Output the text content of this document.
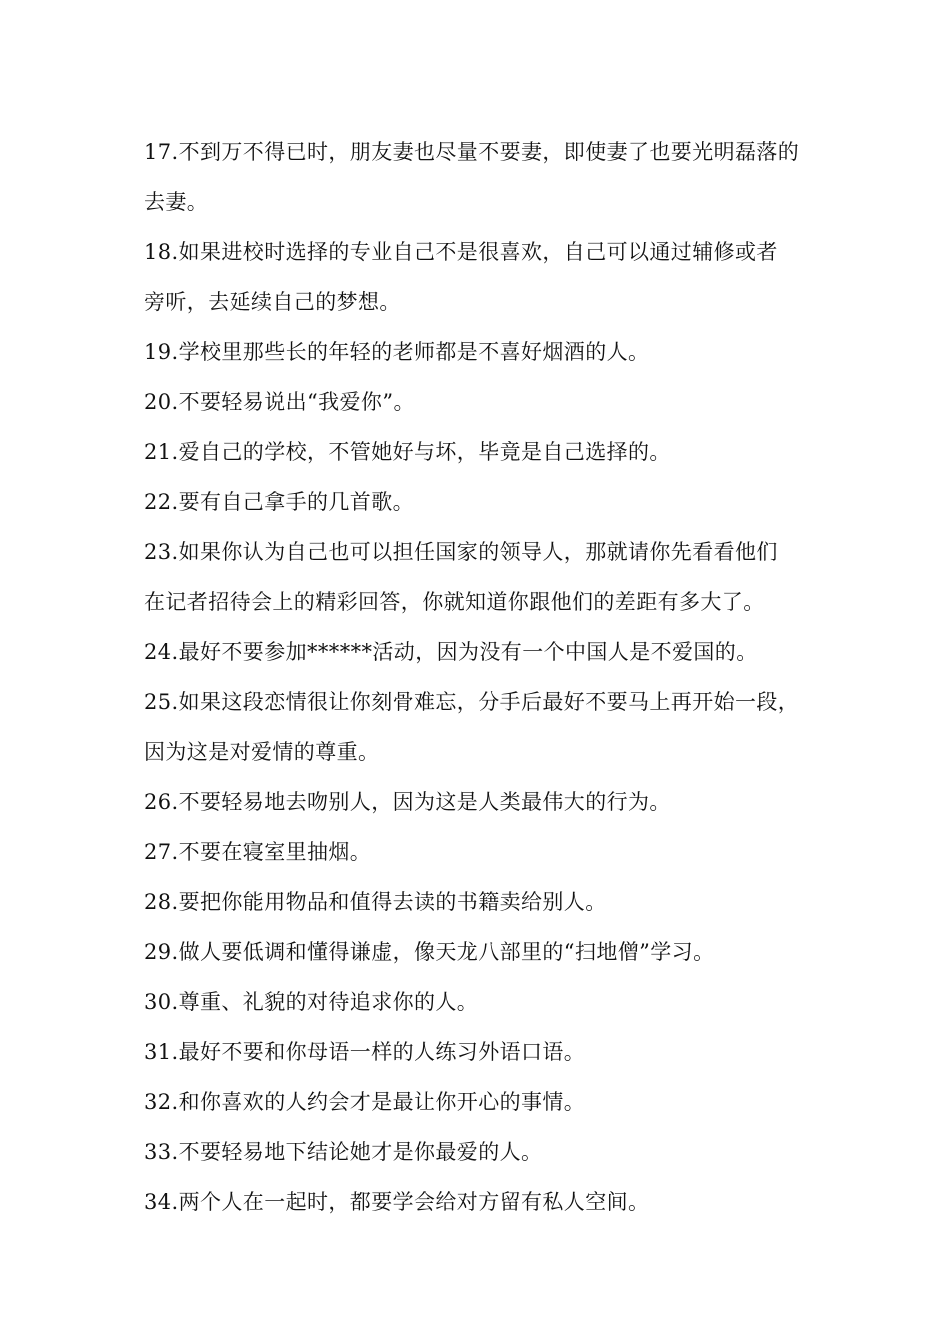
17.不到万不得已时，朋友妻也尽量不要妻，即使妻了也要光明磊落的
去妻。
18.如果进校时选择的专业自己不是很喜欢，自己可以通过辅修或者
旁听，去延续自己的梦想。
19.学校里那些长的年轻的老师都是不喜好烟酒的人。
20.不要轻易说出“我爱你”。
21.爱自己的学校，不管她好与坏，毕竟是自己选择的。
22.要有自己拿手的几首歌。
23.如果你认为自己也可以担任国家的领导人，那就请你先看看他们
在记者招待会上的精彩回答，你就知道你跟他们的差距有多大了。
24.最好不要参加******活动，因为没有一个中国人是不爱国的。
25.如果这段恋情很让你刻骨难忘，分手后最好不要马上再开始一段，
因为这是对爱情的尊重。
26.不要轻易地去吻别人，因为这是人类最伟大的行为。
27.不要在寝室里抽烟。
28.要把你能用物品和值得去读的书籍卖给别人。
29.做人要低调和懂得谦虚，像天龙八部里的“扫地僧”学习。
30.尊重、礼貌的对待追求你的人。
31.最好不要和你母语一样的人练习外语口语。
32.和你喜欢的人约会才是最让你开心的事情。
33.不要轻易地下结论她才是你最爱的人。
34.两个人在一起时，都要学会给对方留有私人空间。
